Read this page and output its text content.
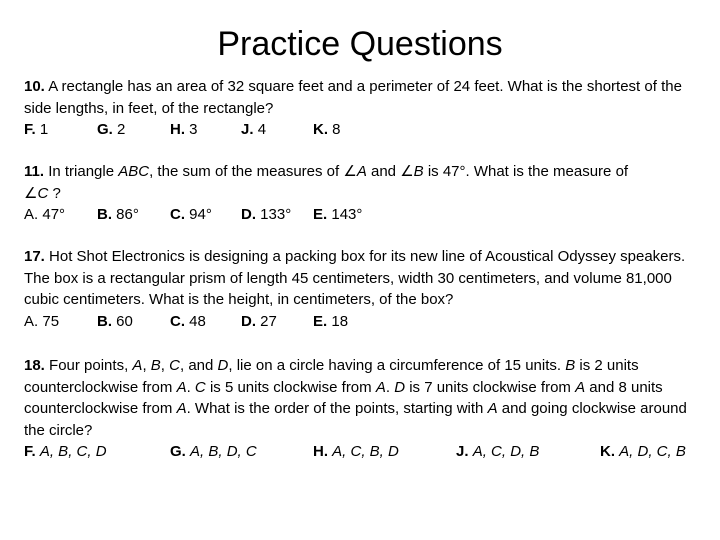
Practice Questions

10. A rectangle has an area of 32 square feet and a perimeter of 24 feet. What is the shortest of the side lengths, in feet, of the rectangle?

F. 1	G. 2	H. 3	J. 4	K. 8

11. In triangle ABC, the sum of the measures of ∠A and ∠B is 47°. What is the measure of
∠C ?

A. 47° B. 86° C. 94° D. 133° E. 143°

17. Hot Shot Electronics is designing a packing box for its new line of Acoustical Odyssey speakers. The box is a rectangular prism of length 45 centimeters, width 30 centimeters, and volume 81,000 cubic centimeters. What is the height, in centimeters, of the box?

A. 75	B. 60 C. 48 D. 27 E. 18

18. Four points, A, B, C, and D, lie on a circle having a circumference of 15 units. B is 2 units counterclockwise from A. C is 5 units clockwise from A. D is 7 units clockwise from A and 8 units counterclockwise from A. What is the order of the points, starting with A and going clockwise around the circle?

F. A, B, C, D	G. A, B, D, C	H. A, C, B, D	J. A, C, D, B	K. A, D, C, B
